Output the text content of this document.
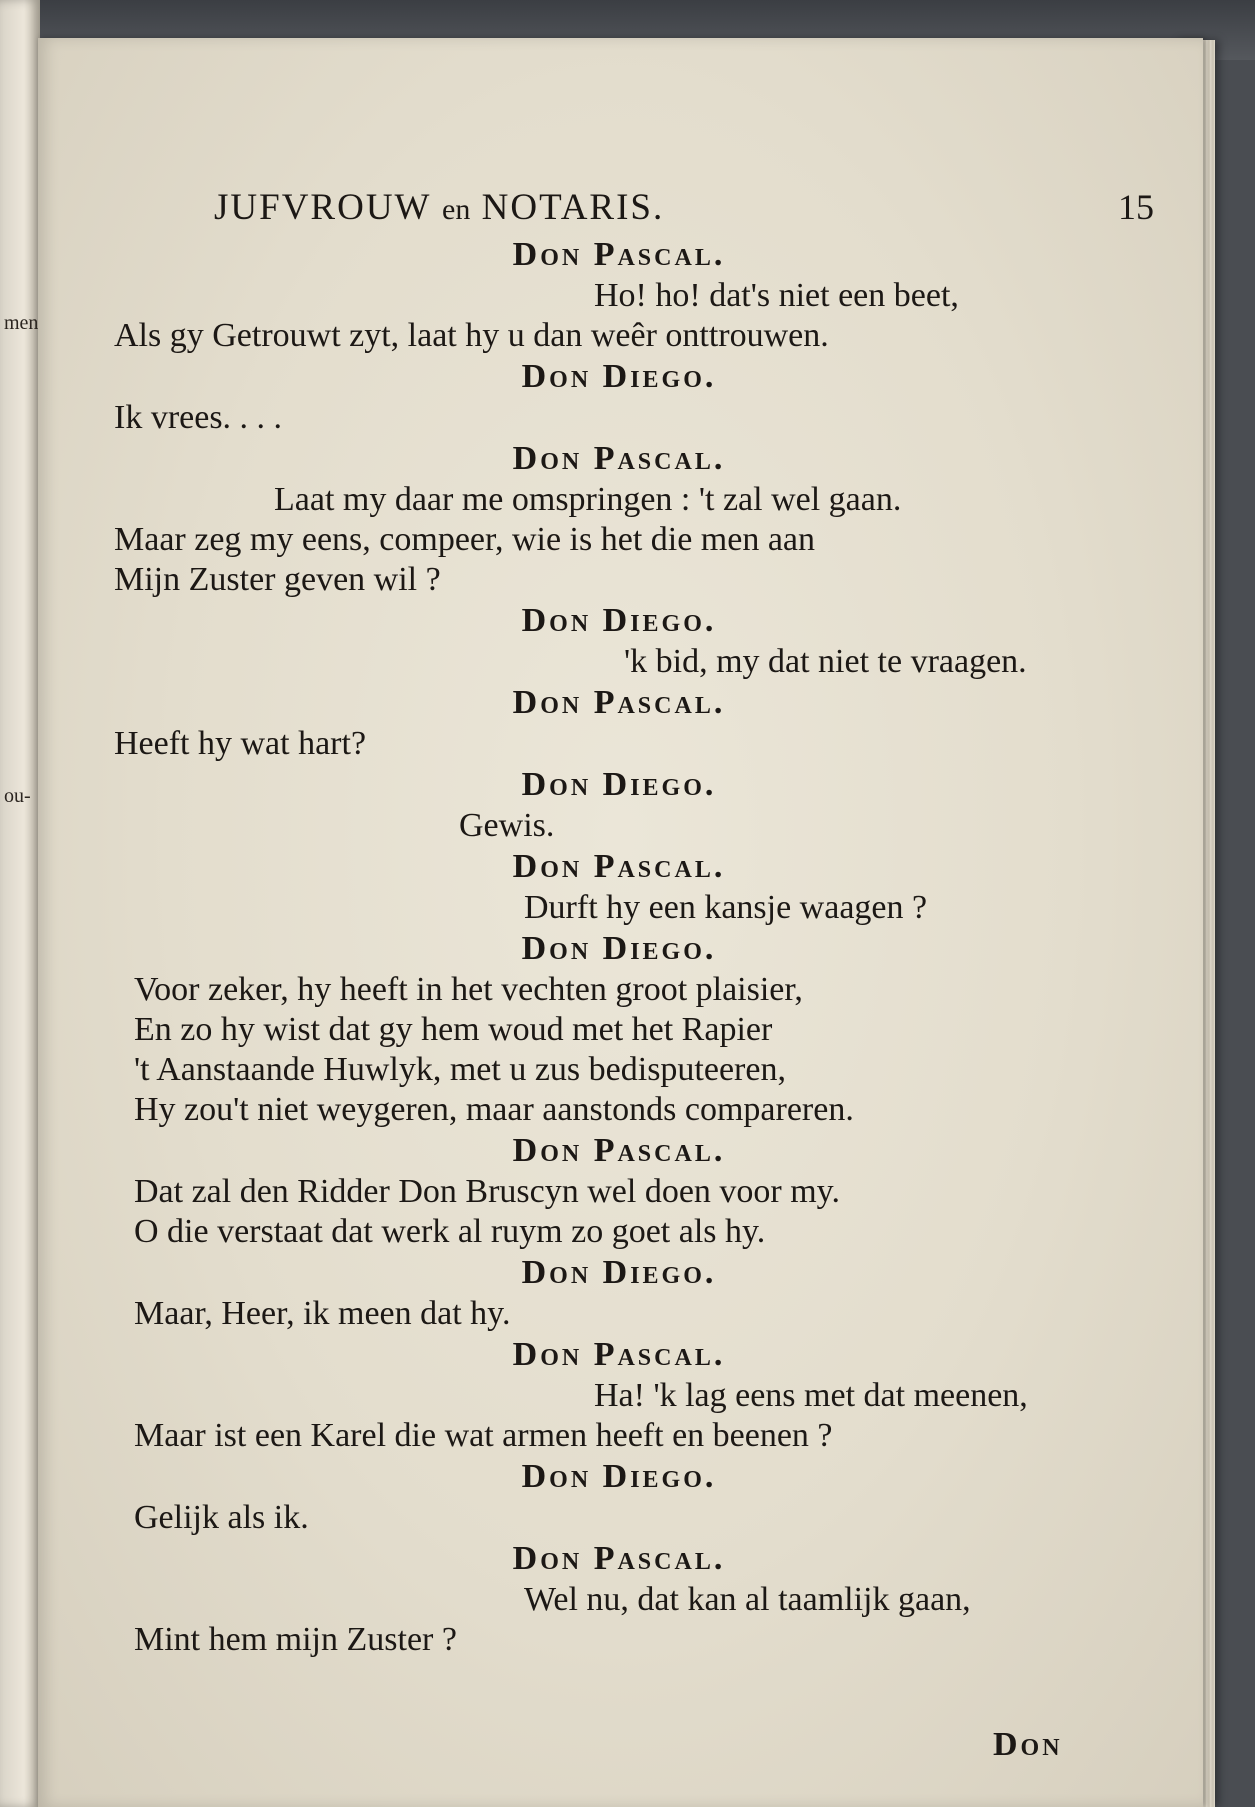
men
ou-
JUFVROUW en NOTARIS.	15
Don Pascal.
Ho! ho! dat's niet een beet,
Als gy Getrouwt zyt, laat hy u dan weêr onttrouwen.
Don Diego.
Ik vrees. . . .
Don Pascal.
Laat my daar me omspringen : 't zal wel gaan.
Maar zeg my eens, compeer, wie is het die men aan
Mijn Zuster geven wil ?
Don Diego.
'k bid, my dat niet te vraagen.
Don Pascal.
Heeft hy wat hart?
Don Diego.
Gewis.
Don Pascal.
Durft hy een kansje waagen ?
Don Diego.
Voor zeker, hy heeft in het vechten groot plaisier,
En zo hy wist dat gy hem woud met het Rapier
't Aanstaande Huwlyk, met u zus bedisputeeren,
Hy zou't niet weygeren, maar aanstonds compareren.
Don Pascal.
Dat zal den Ridder Don Bruscyn wel doen voor my.
O die verstaat dat werk al ruym zo goet als hy.
Don Diego.
Maar, Heer, ik meen dat hy.
Don Pascal.
Ha! 'k lag eens met dat meenen,
Maar ist een Karel die wat armen heeft en beenen ?
Don Diego.
Gelijk als ik.
Don Pascal.
Wel nu, dat kan al taamlijk gaan,
Mint hem mijn Zuster ?
Don
